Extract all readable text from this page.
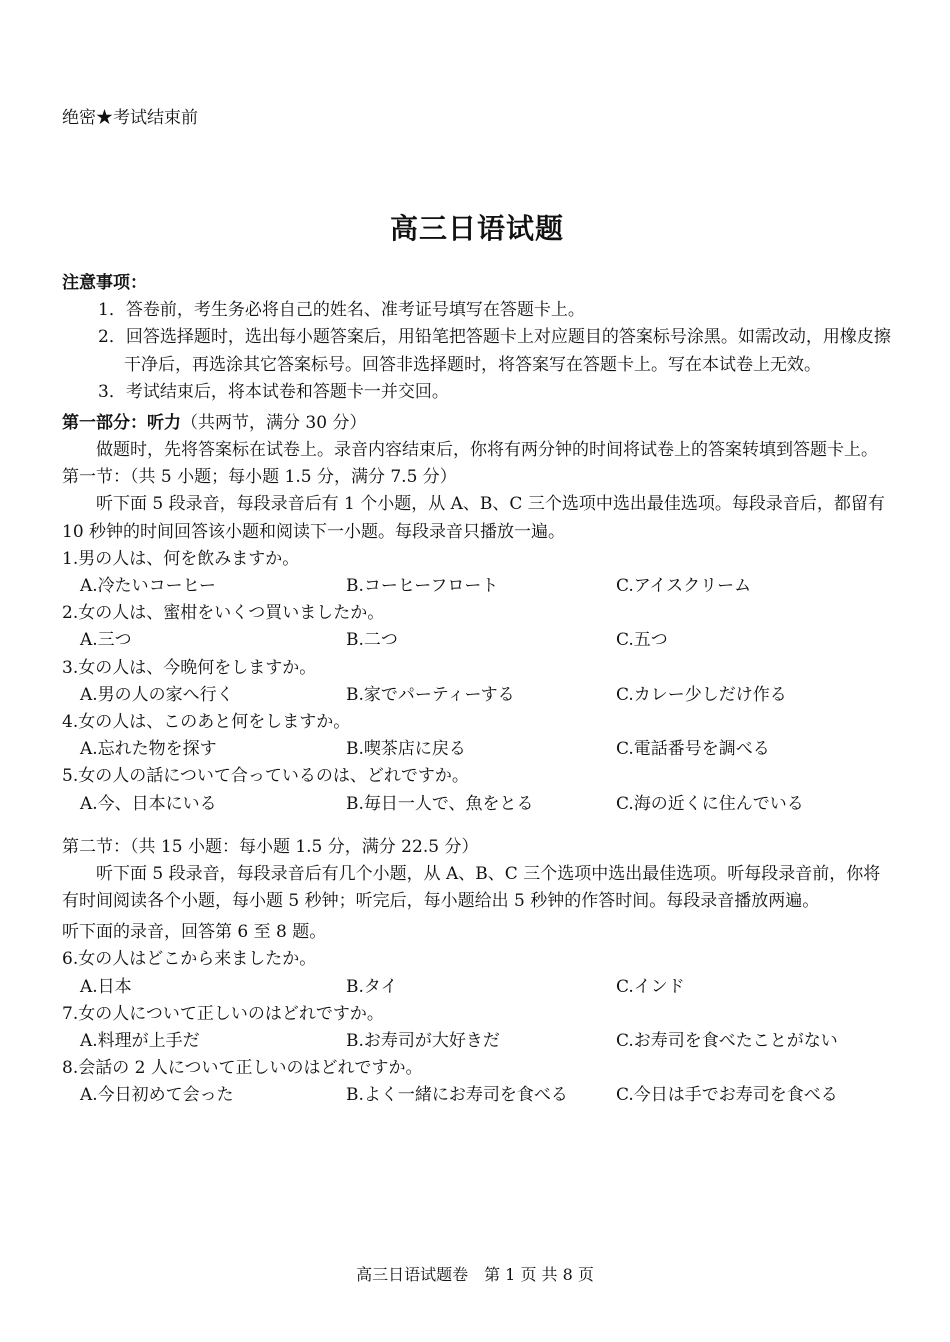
绝密★考试结束前
高三日语试题
注意事项：
1．答卷前，考生务必将自己的姓名、准考证号填写在答题卡上。
2．回答选择题时，选出每小题答案后，用铅笔把答题卡上对应题目的答案标号涂黑。如需改动，用橡皮擦干净后，再选涂其它答案标号。回答非选择题时，将答案写在答题卡上。写在本试卷上无效。
3．考试结束后，将本试卷和答题卡一并交回。
第一部分：听力（共两节，满分 30 分）
做题时，先将答案标在试卷上。录音内容结束后，你将有两分钟的时间将试卷上的答案转填到答题卡上。
第一节：（共 5 小题；每小题 1.5 分，满分 7.5 分）
听下面 5 段录音，每段录音后有 1 个小题，从 A、B、C 三个选项中选出最佳选项。每段录音后，都留有 10 秒钟的时间回答该小题和阅读下一小题。每段录音只播放一遍。
1.男の人は、何を飲みますか。
A.冷たいコーヒー	B.コーヒーフロート	C.アイスクリーム
2.女の人は、蜜柑をいくつ買いましたか。
A.三つ	B.二つ	C.五つ
3.女の人は、今晩何をしますか。
A.男の人の家へ行く	B.家でパーティーする	C.カレー少しだけ作る
4.女の人は、このあと何をしますか。
A.忘れた物を探す	B.喫茶店に戻る	C.電話番号を調べる
5.女の人の話について合っているのは、どれですか。
A.今、日本にいる	B.毎日一人で、魚をとる	C.海の近くに住んでいる
第二节：（共 15 小题：每小题 1.5 分，满分 22.5 分）
听下面 5 段录音，每段录音后有几个小题，从 A、B、C 三个选项中选出最佳选项。听每段录音前，你将有时间阅读各个小题，每小题 5 秒钟；听完后，每小题给出 5 秒钟的作答时间。每段录音播放两遍。
听下面的录音，回答第 6 至 8 题。
6.女の人はどこから来ましたか。
A.日本	B.タイ	C.インド
7.女の人について正しいのはどれですか。
A.料理が上手だ	B.お寿司が大好きだ	C.お寿司を食べたことがない
8.会話の 2 人について正しいのはどれですか。
A.今日初めて会った	B.よく一緒にお寿司を食べる	C.今日は手でお寿司を食べる
高三日语试题卷　第 1 页 共 8 页
